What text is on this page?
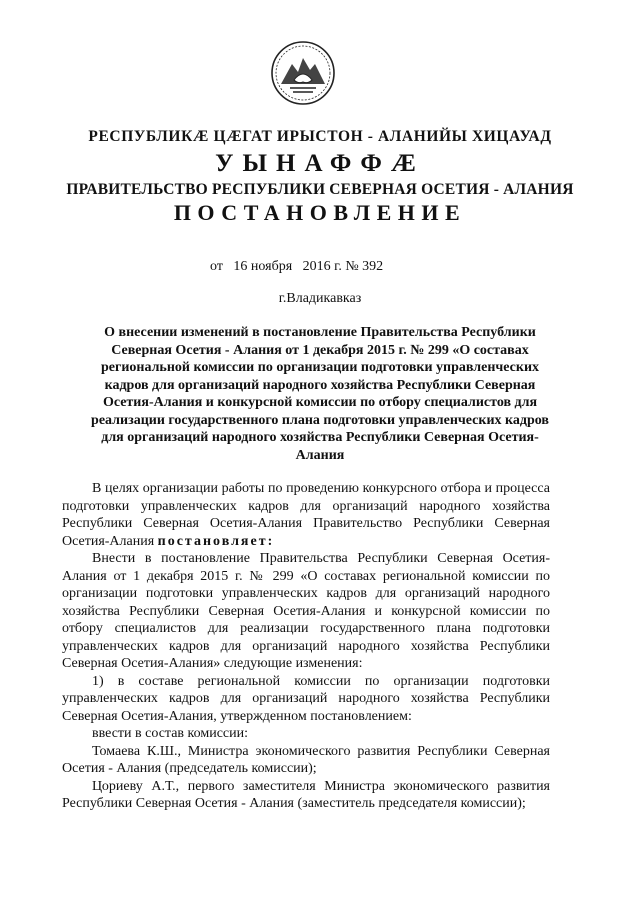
РЕСПУБЛИКӔ ЦӔГАТ ИРЫСТОН - АЛАНИЙЫ ХИЦАУАД
УЫНАФФӔ
ПРАВИТЕЛЬСТВО РЕСПУБЛИКИ СЕВЕРНАЯ ОСЕТИЯ - АЛАНИЯ
ПОСТАНОВЛЕНИЕ
от   16 ноября   2016 г. № 392
г.Владикавказ
О внесении изменений в постановление Правительства Республики Северная Осетия - Алания от 1 декабря 2015 г. № 299 «О составах региональной комиссии по организации подготовки управленческих кадров для организаций народного хозяйства Республики Северная Осетия-Алания и конкурсной комиссии по отбору специалистов для реализации государственного плана подготовки управленческих кадров для организаций народного хозяйства Республики Северная Осетия-Алания

В целях организации работы по проведению конкурсного отбора и процесса подготовки управленческих кадров для организаций народного хозяйства Республики Северная Осетия-Алания Правительство Республики Северная Осетия-Алания постановляет:

Внести в постановление Правительства Республики Северная Осетия-Алания от 1 декабря 2015 г. № 299 «О составах региональной комиссии по организации подготовки управленческих кадров для организаций народного хозяйства Республики Северная Осетия-Алания и конкурсной комиссии по отбору специалистов для реализации государственного плана подготовки управленческих кадров для организаций народного хозяйства Республики Северная Осетия-Алания» следующие изменения:

1) в составе региональной комиссии по организации подготовки управленческих кадров для организаций народного хозяйства Республики Северная Осетия-Алания, утвержденном постановлением:

ввести в состав комиссии:

Томаева К.Ш., Министра экономического развития Республики Северная Осетия - Алания (председатель комиссии);

Цориеву А.Т., первого заместителя Министра экономического развития Республики Северная Осетия - Алания (заместитель председателя комиссии);
